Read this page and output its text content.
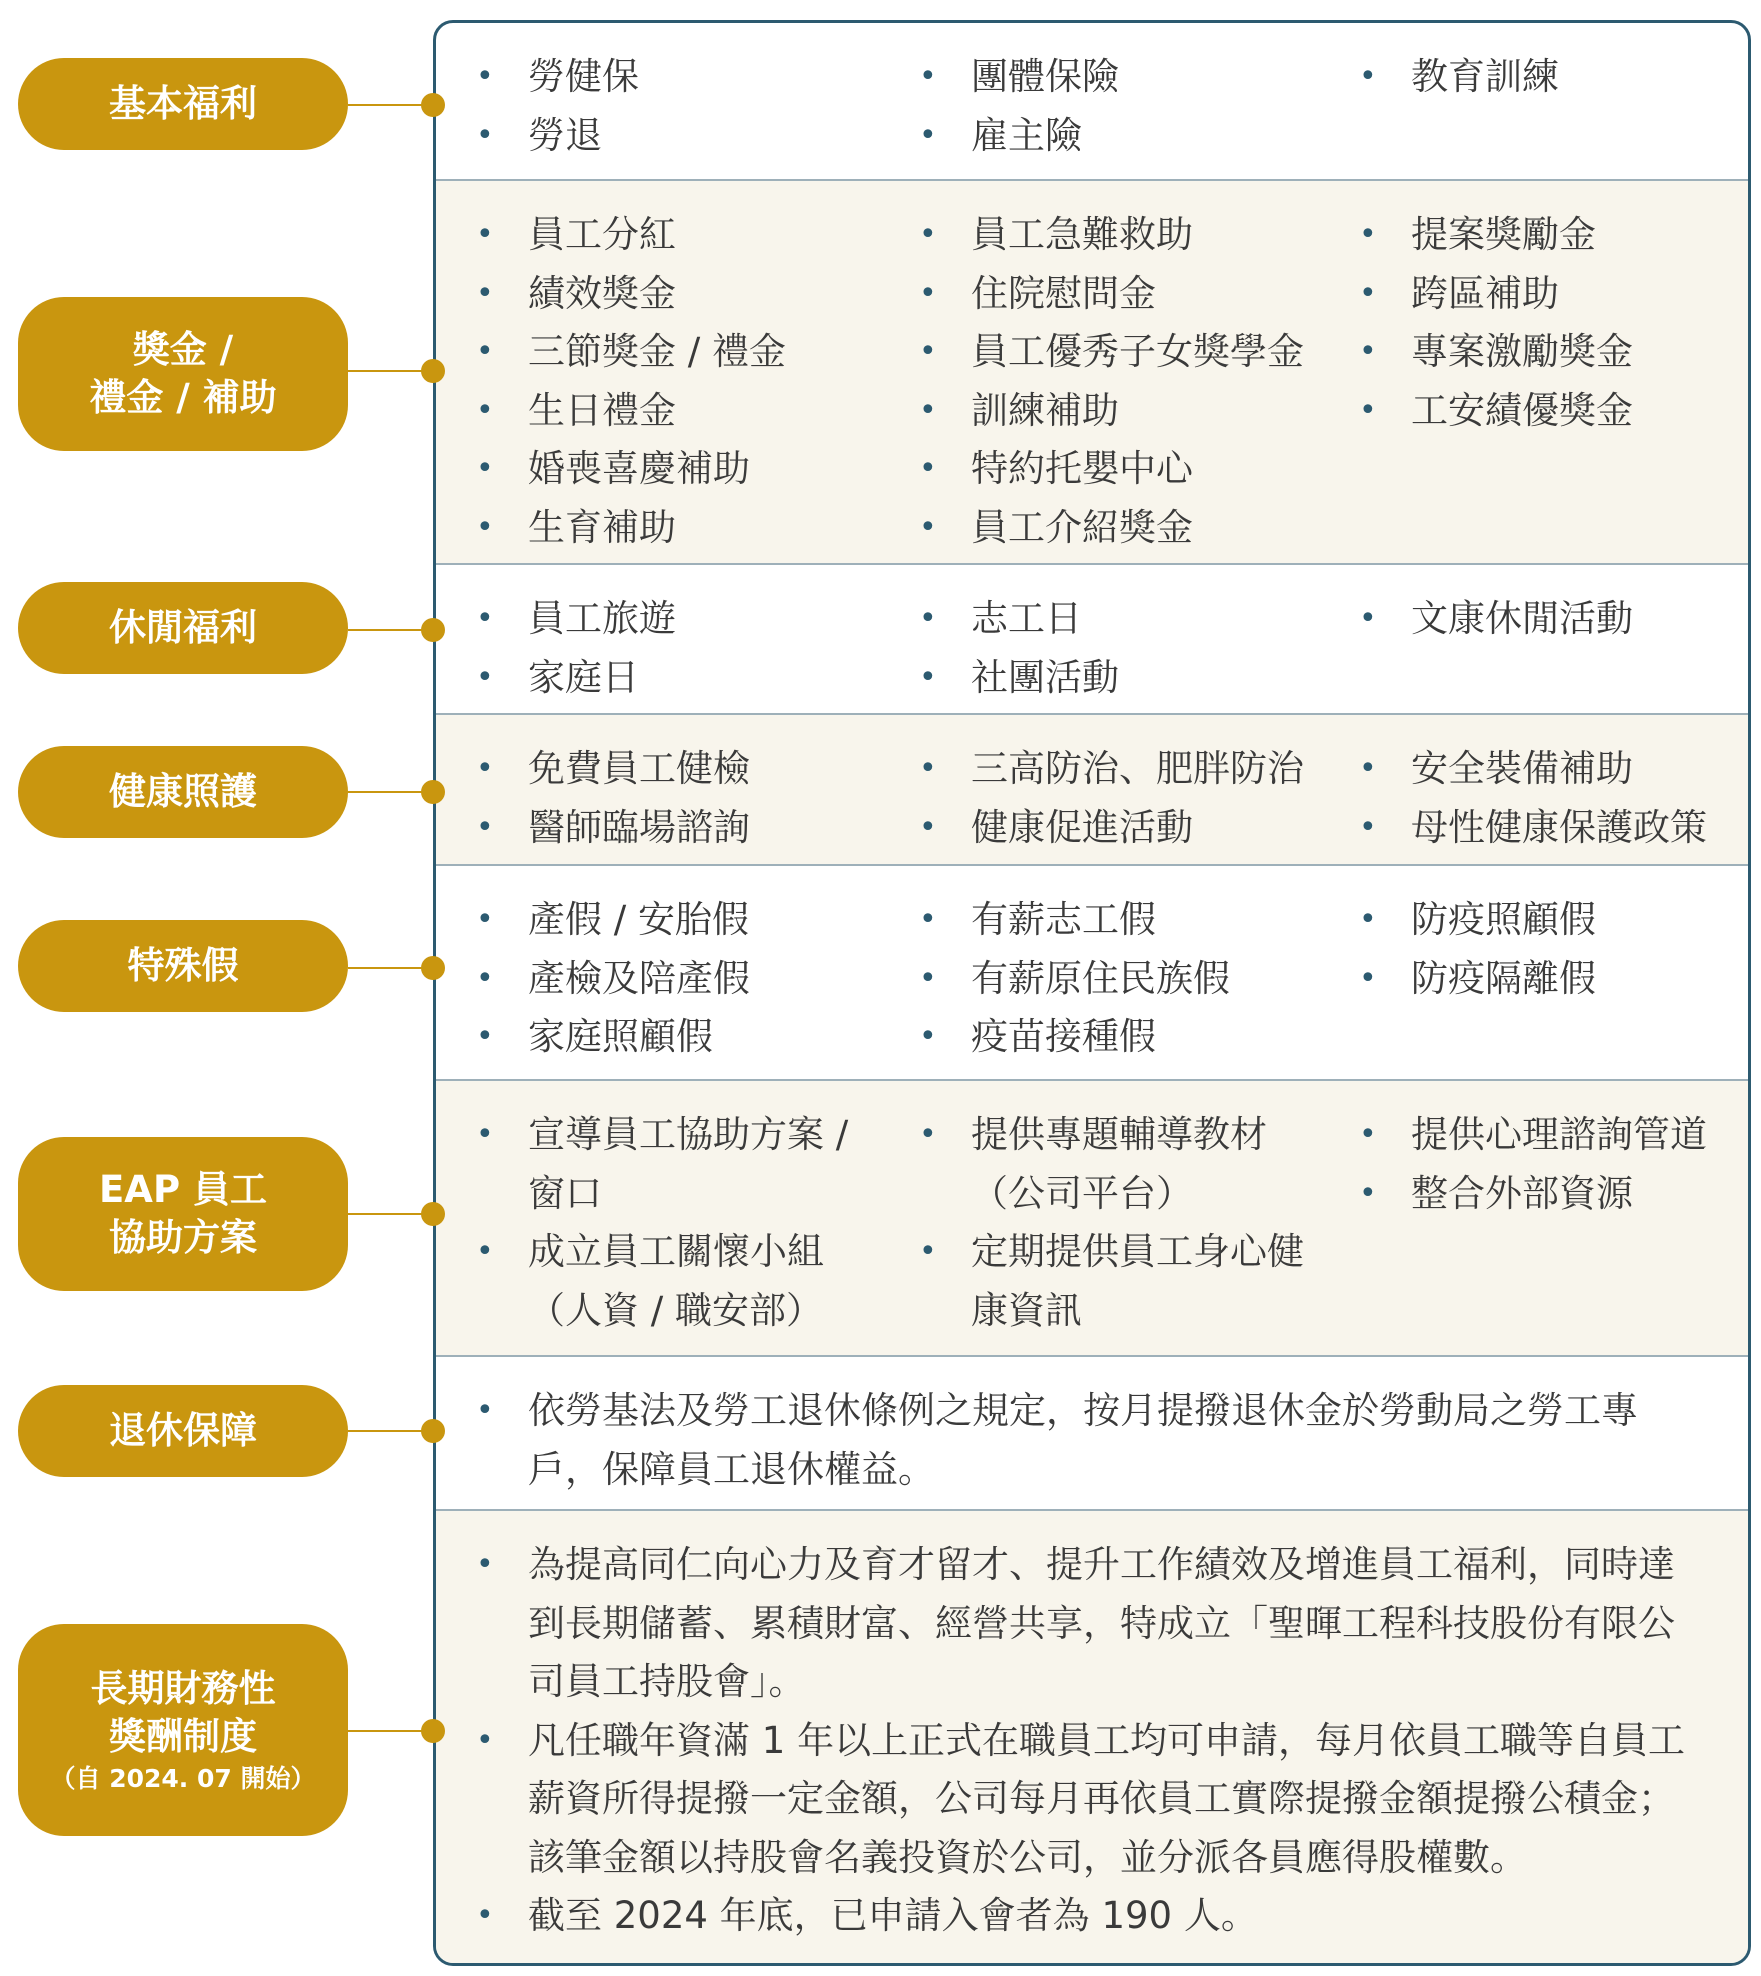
基本福利
獎金 /
禮金 / 補助
休閒福利
健康照護
特殊假
EAP 員工
協助方案
退休保障
長期財務性
獎酬制度
（自 2024. 07 開始）
• 勞健保
• 勞退
• 團體保險
• 雇主險
• 教育訓練
• 員工分紅
• 績效獎金
• 三節獎金 / 禮金
• 生日禮金
• 婚喪喜慶補助
• 生育補助
• 員工急難救助
• 住院慰問金
• 員工優秀子女獎學金
• 訓練補助
• 特約托嬰中心
• 員工介紹獎金
• 提案獎勵金
• 跨區補助
• 專案激勵獎金
• 工安績優獎金
• 員工旅遊
• 家庭日
• 志工日
• 社團活動
• 文康休閒活動
• 免費員工健檢
• 醫師臨場諮詢
• 三高防治、肥胖防治
• 健康促進活動
• 安全裝備補助
• 母性健康保護政策
• 產假 / 安胎假
• 產檢及陪產假
• 家庭照顧假
• 有薪志工假
• 有薪原住民族假
• 疫苗接種假
• 防疫照顧假
• 防疫隔離假
• 宣導員工協助方案 /
窗口
• 成立員工關懷小組
（人資 / 職安部）
• 提供專題輔導教材
（公司平台）
• 定期提供員工身心健
康資訊
• 提供心理諮詢管道
• 整合外部資源
• 依勞基法及勞工退休條例之規定，按月提撥退休金於勞動局之勞工專
戶，保障員工退休權益。
• 為提高同仁向心力及育才留才、提升工作績效及增進員工福利，同時達
到長期儲蓄、累積財富、經營共享，特成立「聖暉工程科技股份有限公
司員工持股會」。
• 凡任職年資滿 1 年以上正式在職員工均可申請，每月依員工職等自員工
薪資所得提撥一定金額，公司每月再依員工實際提撥金額提撥公積金；
該筆金額以持股會名義投資於公司，並分派各員應得股權數。
• 截至 2024 年底，已申請入會者為 190 人。
